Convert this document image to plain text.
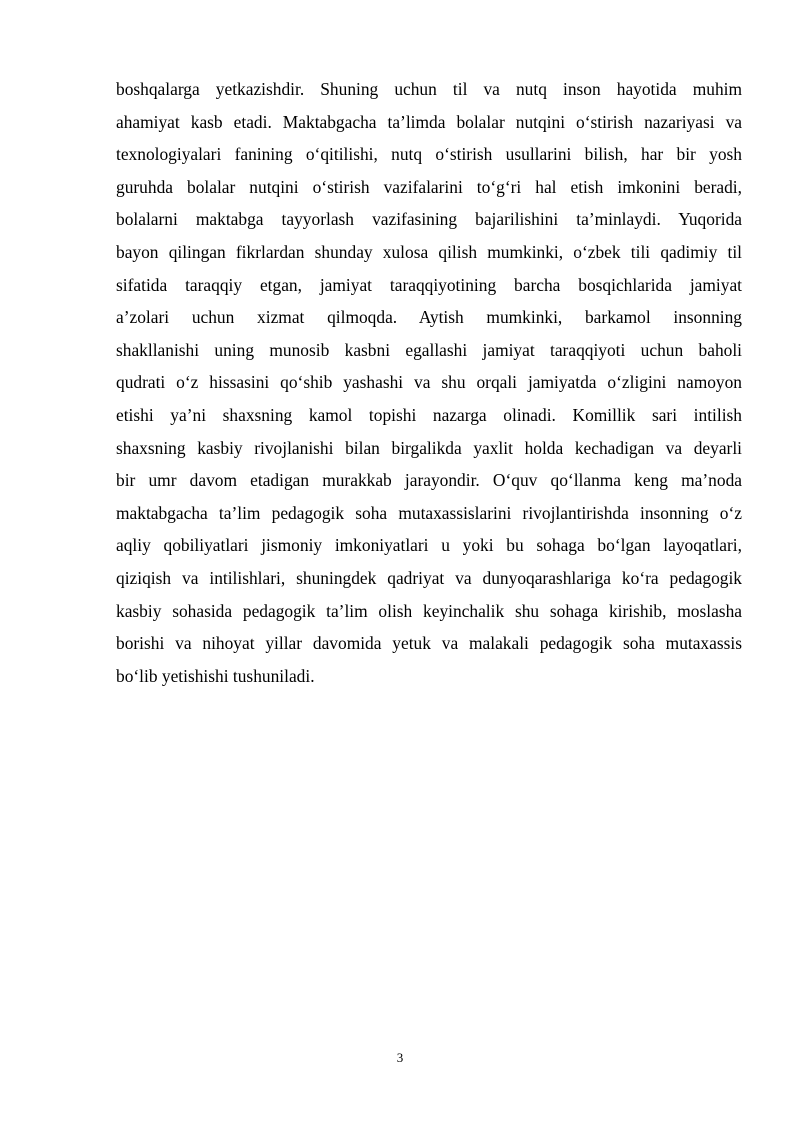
boshqalarga yetkazishdir. Shuning uchun til va nutq inson hayotida muhim
ahamiyat kasb etadi. Maktabgacha ta’limda bolalar nutqini o‘stirish nazariyasi va
texnologiyalari fanining o‘qitilishi, nutq o‘stirish usullarini bilish, har bir yosh
guruhda bolalar nutqini o‘stirish vazifalarini to‘g‘ri hal etish imkonini beradi,
bolalarni maktabga tayyorlash vazifasining bajarilishini ta’minlaydi. Yuqorida
bayon qilingan fikrlardan shunday xulosa qilish mumkinki, o‘zbek tili qadimiy til
sifatida taraqqiy etgan, jamiyat taraqqiyotining barcha bosqichlarida jamiyat
a’zolari uchun xizmat qilmoqda. Aytish mumkinki, barkamol insonning
shakllanishi uning munosib kasbni egallashi jamiyat taraqqiyoti uchun baholi
qudrati o‘z hissasini qo‘shib yashashi va shu orqali jamiyatda o‘zligini namoyon
etishi ya’ni shaxsning kamol topishi nazarga olinadi. Komillik sari intilish
shaxsning kasbiy rivojlanishi bilan birgalikda yaxlit holda kechadigan va deyarli
bir umr davom etadigan murakkab jarayondir. O‘quv qo‘llanma keng ma’noda
maktabgacha ta’lim pedagogik soha mutaxassislarini rivojlantirishda insonning o‘z
aqliy qobiliyatlari jismoniy imkoniyatlari u yoki bu sohaga bo‘lgan layoqatlari,
qiziqish va intilishlari, shuningdek qadriyat va dunyoqarashlariga ko‘ra pedagogik
kasbiy sohasida pedagogik ta’lim olish keyinchalik shu sohaga kirishib, moslasha
borishi va nihoyat yillar davomida yetuk va malakali pedagogik soha mutaxassis
bo‘lib yetishishi tushuniladi.
3
